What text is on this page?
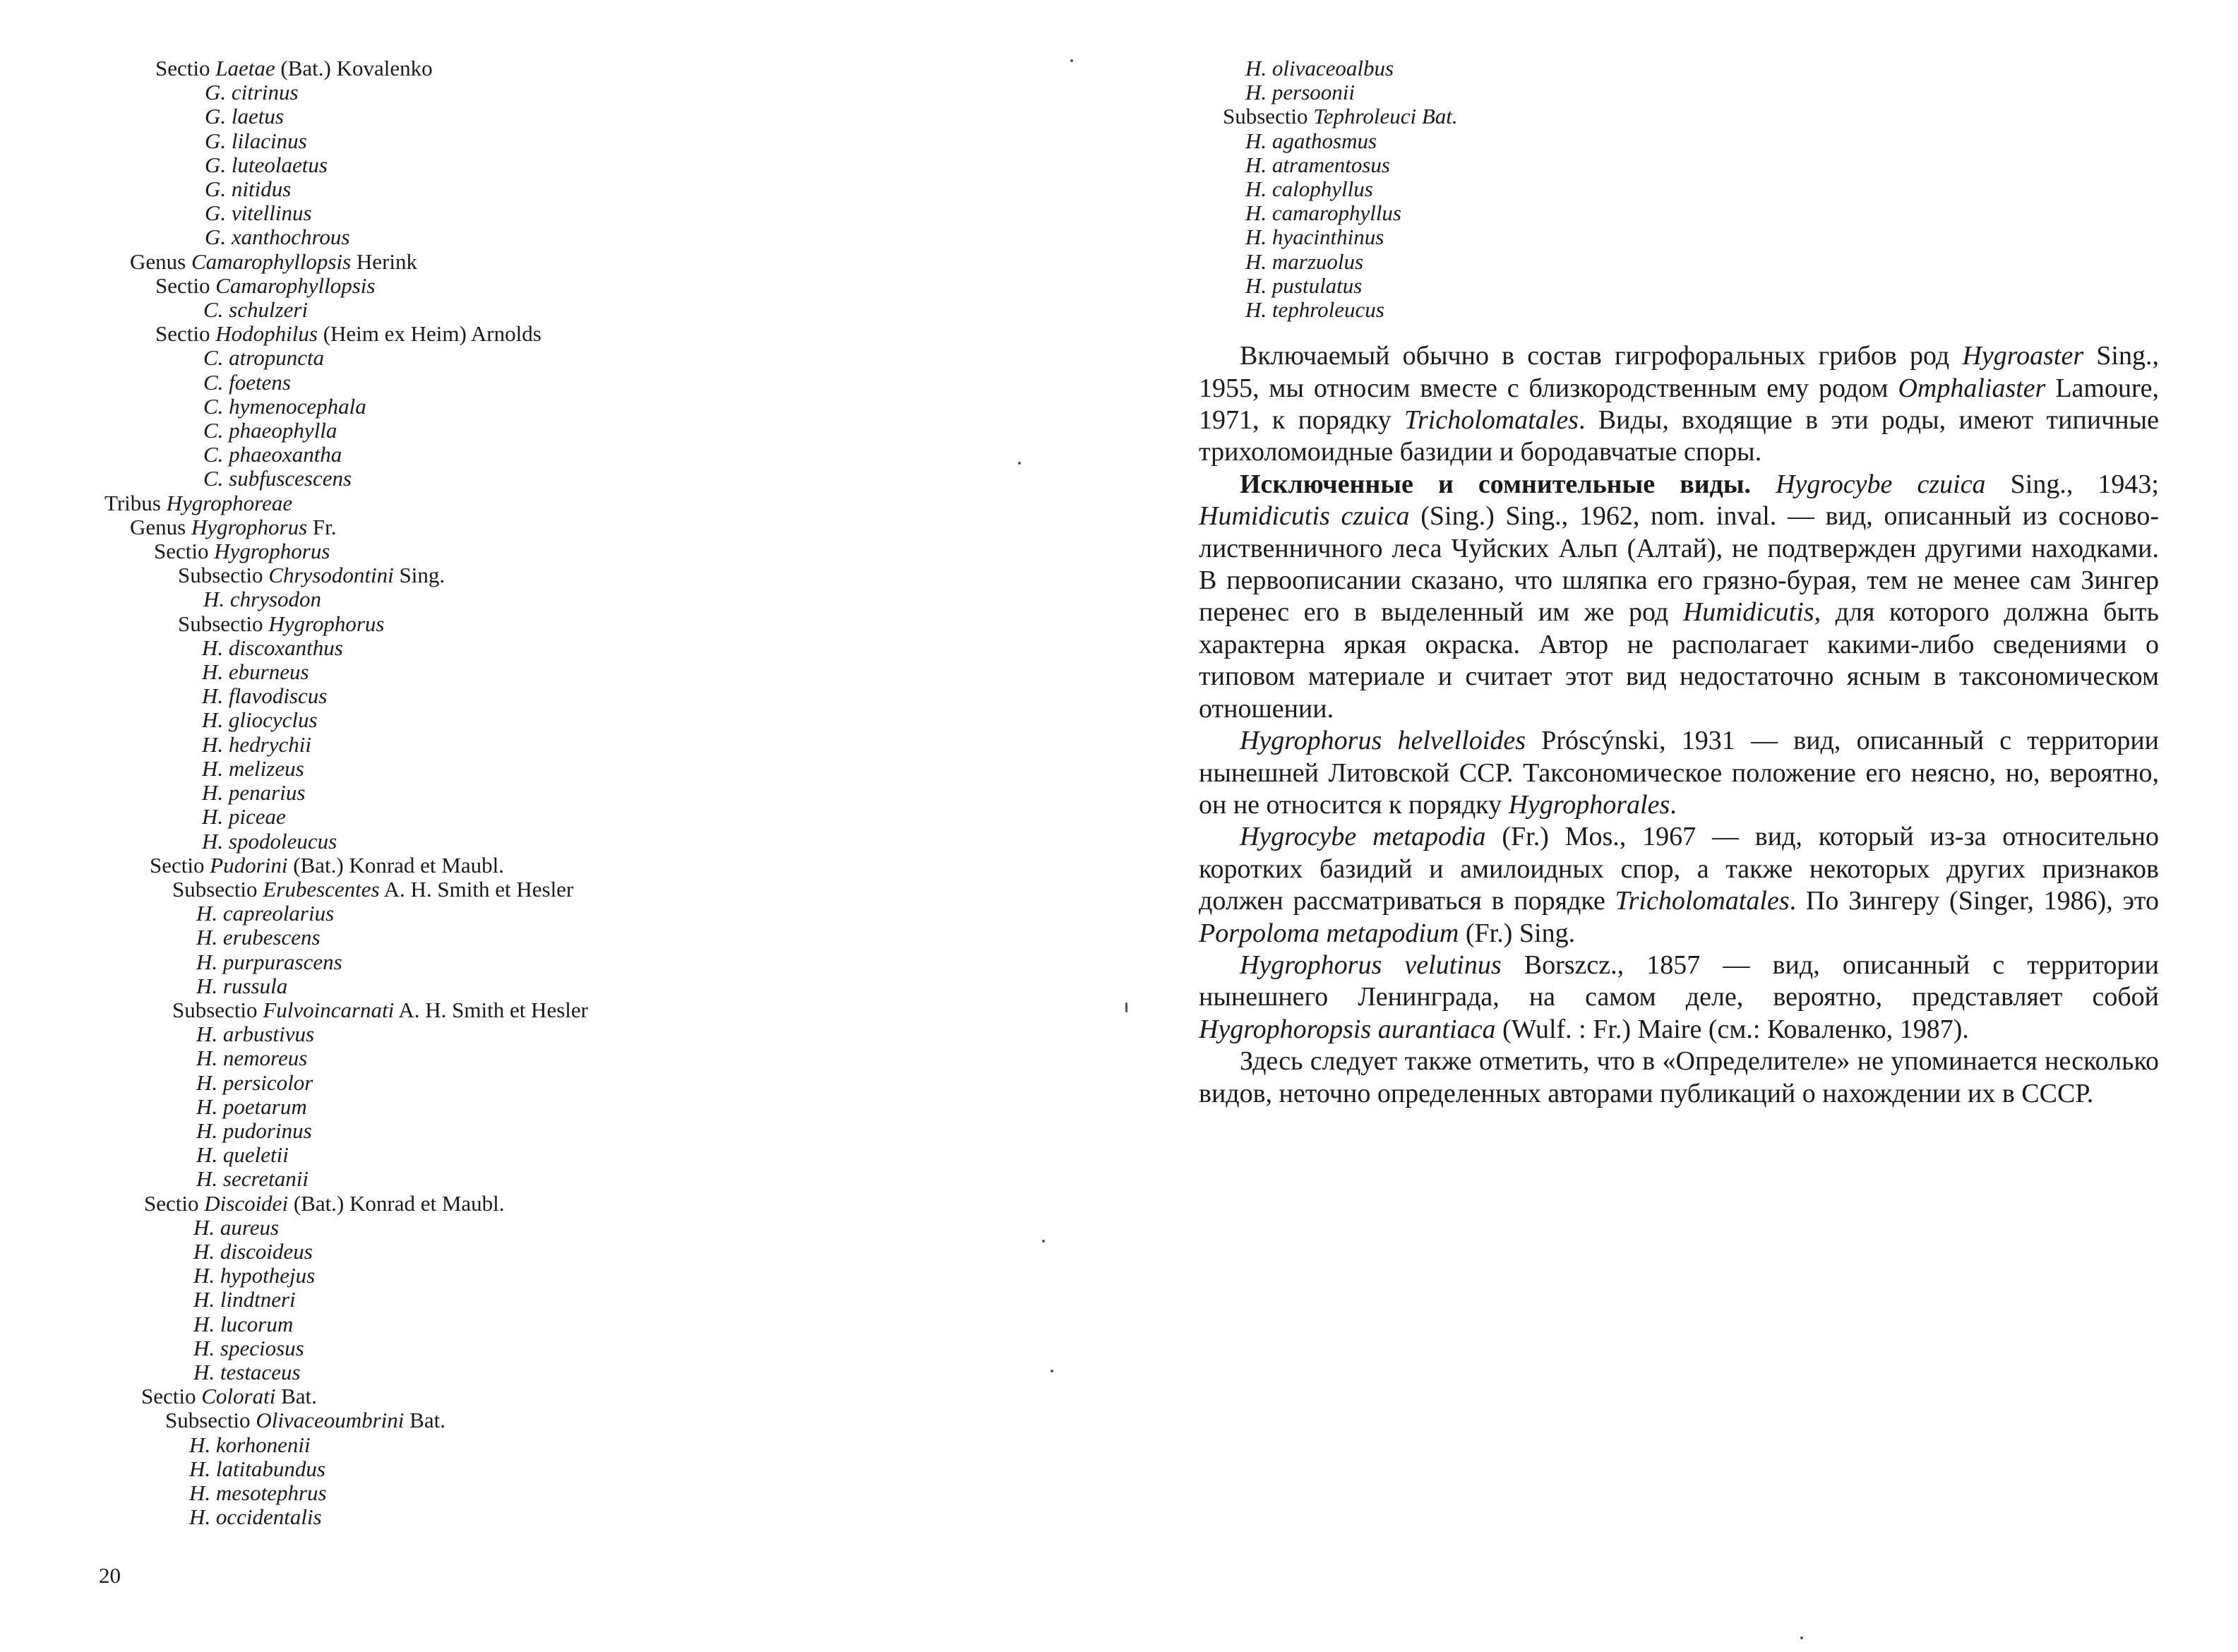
Sectio Laetae (Bat.) Kovalenko
G. citrinus
G. laetus
G. lilacinus
G. luteolaetus
G. nitidus
G. vitellinus
G. xanthochrous
Genus Camarophyllopsis Herink
Sectio Camarophyllopsis
C. schulzeri
Sectio Hodophilus (Heim ex Heim) Arnolds
C. atropuncta
C. foetens
C. hymenocephala
C. phaeophylla
C. phaeoxantha
C. subfuscescens
Tribus Hygrophoreae
Genus Hygrophorus Fr.
Sectio Hygrophorus
Subsectio Chrysodontini Sing.
H. chrysodon
Subsectio Hygrophorus
H. discoxanthus
H. eburneus
H. flavodiscus
H. gliocyclus
H. hedrychii
H. melizeus
H. penarius
H. piceae
H. spodoleucus
Sectio Pudorini (Bat.) Konrad et Maubl.
Subsectio Erubescentes A. H. Smith et Hesler
H. capreolarius
H. erubescens
H. purpurascens
H. russula
Subsectio Fulvoincarnati A. H. Smith et Hesler
H. arbustivus
H. nemoreus
H. persicolor
H. poetarum
H. pudorinus
H. queletii
H. secretanii
Sectio Discoidei (Bat.) Konrad et Maubl.
H. aureus
H. discoideus
H. hypothejus
H. lindtneri
H. lucorum
H. speciosus
H. testaceus
Sectio Colorati Bat.
Subsectio Olivaceoumbrini Bat.
H. korhonenii
H. latitabundus
H. mesotephrus
H. occidentalis
20
H. olivaceoalbus
H. persoonii
Subsectio Tephroleuci Bat.
H. agathosmus
H. atramentosus
H. calophyllus
H. camarophyllus
H. hyacinthinus
H. marzuolus
H. pustulatus
H. tephroleucus

Включаемый обычно в состав гигрофоральных грибов род Hygroaster Sing., 1955, мы относим вместе с близкородственным ему родом Omphaliaster Lamoure, 1971, к порядку Tricholomatales. Виды, входящие в эти роды, имеют типичные трихоломоидные базидии и бородавчатые споры.

Исключенные и сомнительные виды. Hygrocybe czuica Sing., 1943; Humidicutis czuica (Sing.) Sing., 1962, nom. inval. — вид, описанный из сосново-лиственничного леса Чуйских Альп (Алтай), не подтвержден другими находками. В первоописании сказано, что шляпка его грязно-бурая, тем не менее сам Зингер перенес его в выделенный им же род Humidicutis, для которого должна быть характерна яркая окраска. Автор не располагает какими-либо сведениями о типовом материале и считает этот вид недостаточно ясным в таксономическом отношении.

Hygrophorus helvelloides Próscýnski, 1931 — вид, описанный с территории нынешней Литовской ССР. Таксономическое положение его неясно, но, вероятно, он не относится к порядку Hygrophorales.

Hygrocybe metapodia (Fr.) Mos., 1967 — вид, который из-за относительно коротких базидий и амилоидных спор, а также некоторых других признаков должен рассматриваться в порядке Tricholomatales. По Зингеру (Singer, 1986), это Porpoloma metapodium (Fr.) Sing.

Hygrophorus velutinus Borszcz., 1857 — вид, описанный с территории нынешнего Ленинграда, на самом деле, вероятно, представляет собой Hygrophoropsis aurantiaca (Wulf. : Fr.) Maire (см.: Коваленко, 1987).

Здесь следует также отметить, что в «Определителе» не упоминается несколько видов, неточно определенных авторами публикаций о нахождении их в СССР.
